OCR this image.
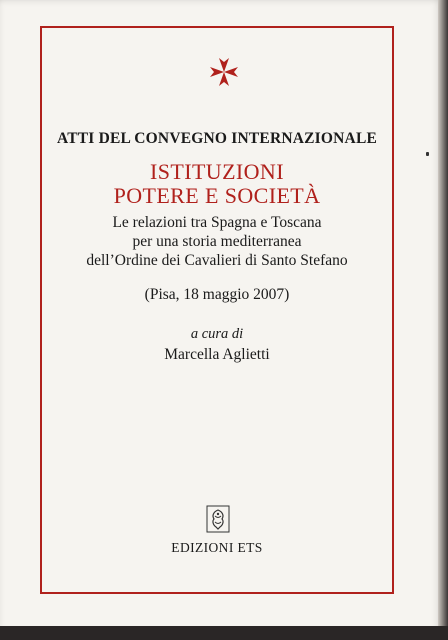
ATTI DEL CONVEGNO INTERNAZIONALE
ISTITUZIONI
POTERE E SOCIETÀ
Le relazioni tra Spagna e Toscana
per una storia mediterranea
dell’Ordine dei Cavalieri di Santo Stefano
(Pisa, 18 maggio 2007)
a cura di
Marcella Aglietti
EDIZIONI ETS
